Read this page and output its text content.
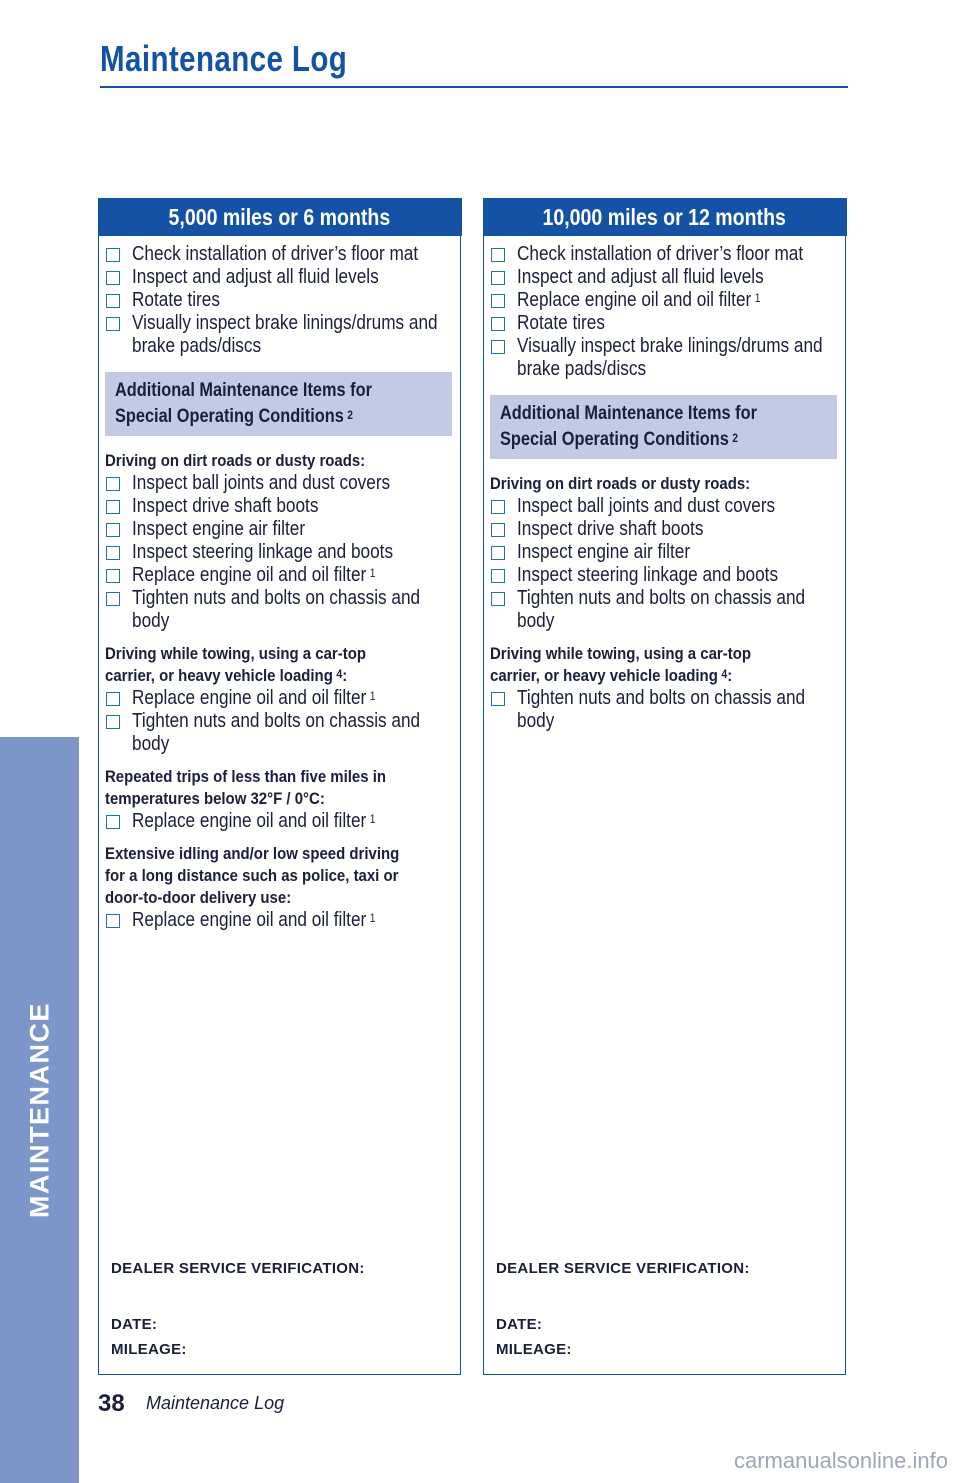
Maintenance Log
MAINTENANCE
5,000 miles or 6 months
Check installation of driver’s floor mat
Inspect and adjust all fluid levels
Rotate tires
Visually inspect brake linings/drums and
brake pads/discs
Additional Maintenance Items for
Special Operating Conditions $^2$
Driving on dirt roads or dusty roads:
Inspect ball joints and dust covers
Inspect drive shaft boots
Inspect engine air filter
Inspect steering linkage and boots
Replace engine oil and oil filter $^1$
Tighten nuts and bolts on chassis and
body
Driving while towing, using a car-top
carrier, or heavy vehicle loading $^4$:
Replace engine oil and oil filter $^1$
Tighten nuts and bolts on chassis and
body
Repeated trips of less than five miles in
temperatures below 32°F / 0°C:
Replace engine oil and oil filter $^1$
Extensive idling and/or low speed driving
for a long distance such as police, taxi or
door-to-door delivery use:
Replace engine oil and oil filter $^1$
DEALER SERVICE VERIFICATION:
DATE:
MILEAGE:
10,000 miles or 12 months
Check installation of driver’s floor mat
Inspect and adjust all fluid levels
Replace engine oil and oil filter $^1$
Rotate tires
Visually inspect brake linings/drums and
brake pads/discs
Additional Maintenance Items for
Special Operating Conditions $^2$
Driving on dirt roads or dusty roads:
Inspect ball joints and dust covers
Inspect drive shaft boots
Inspect engine air filter
Inspect steering linkage and boots
Tighten nuts and bolts on chassis and
body
Driving while towing, using a car-top
carrier, or heavy vehicle loading $^4$:
Tighten nuts and bolts on chassis and
body
DEALER SERVICE VERIFICATION:
DATE:
MILEAGE:
38 Maintenance Log
carmanualsonline.info
